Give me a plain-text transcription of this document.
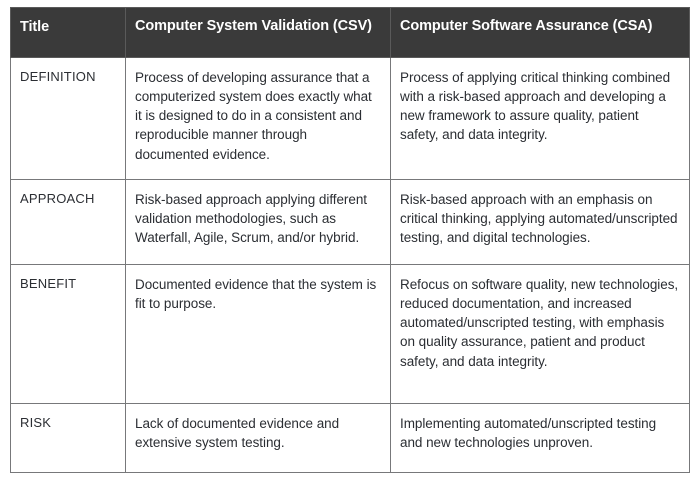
Title	Computer System Validation (CSV)	Computer Software Assurance (CSA)
DEFINITION	Process of developing assurance that a computerized system does exactly what it is designed to do in a consistent and reproducible manner through documented evidence.	Process of applying critical thinking combined with a risk-based approach and developing a new framework to assure quality, patient safety, and data integrity.
APPROACH	Risk-based approach applying different validation methodologies, such as Waterfall, Agile, Scrum, and/or hybrid.	Risk-based approach with an emphasis on critical thinking, applying automated/unscripted testing, and digital technologies.
BENEFIT	Documented evidence that the system is fit to purpose.	Refocus on software quality, new technologies, reduced documentation, and increased automated/unscripted testing, with emphasis on quality assurance, patient and product safety, and data integrity.
RISK	Lack of documented evidence and extensive system testing.	Implementing automated/unscripted testing and new technologies unproven.
